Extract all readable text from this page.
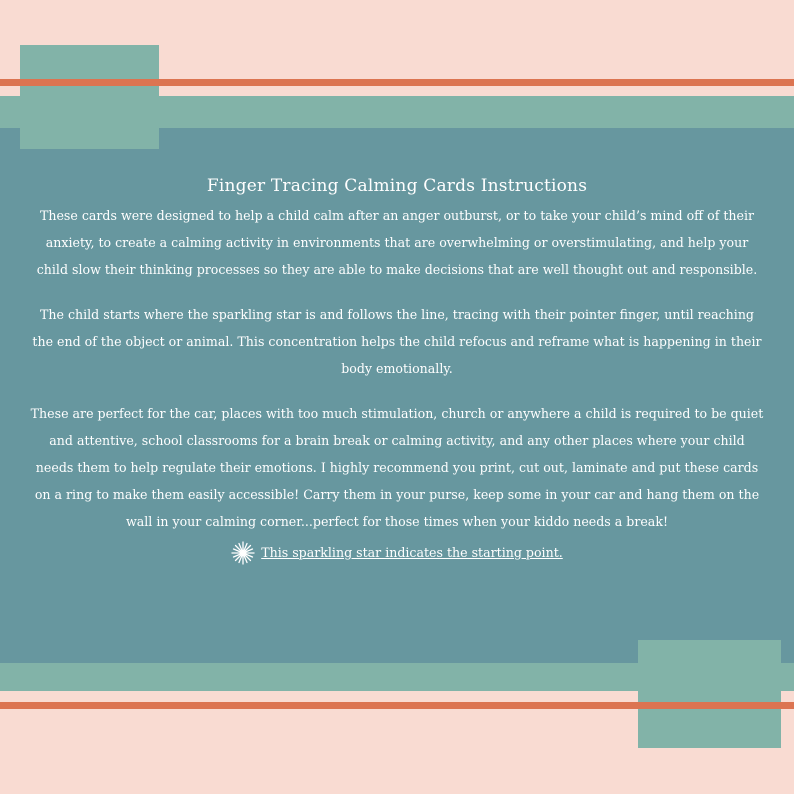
Finger Tracing Calming Cards Instructions

These cards were designed to help a child calm after an anger outburst, or to take your child’s mind off of their anxiety, to create a calming activity in environments that are overwhelming or overstimulating, and help your child slow their thinking processes so they are able to make decisions that are well thought out and responsible.

The child starts where the sparkling star is and follows the line, tracing with their pointer finger, until reaching the end of the object or animal. This concentration helps the child refocus and reframe what is happening in their body emotionally.

These are perfect for the car, places with too much stimulation, church or anywhere a child is required to be quiet and attentive, school classrooms for a brain break or calming activity, and any other places where your child needs them to help regulate their emotions. I highly recommend you print, cut out, laminate and put these cards on a ring to make them easily accessible! Carry them in your purse, keep some in your car and hang them on the wall in your calming corner...perfect for those times when your kiddo needs a break!

This sparkling star indicates the starting point.
